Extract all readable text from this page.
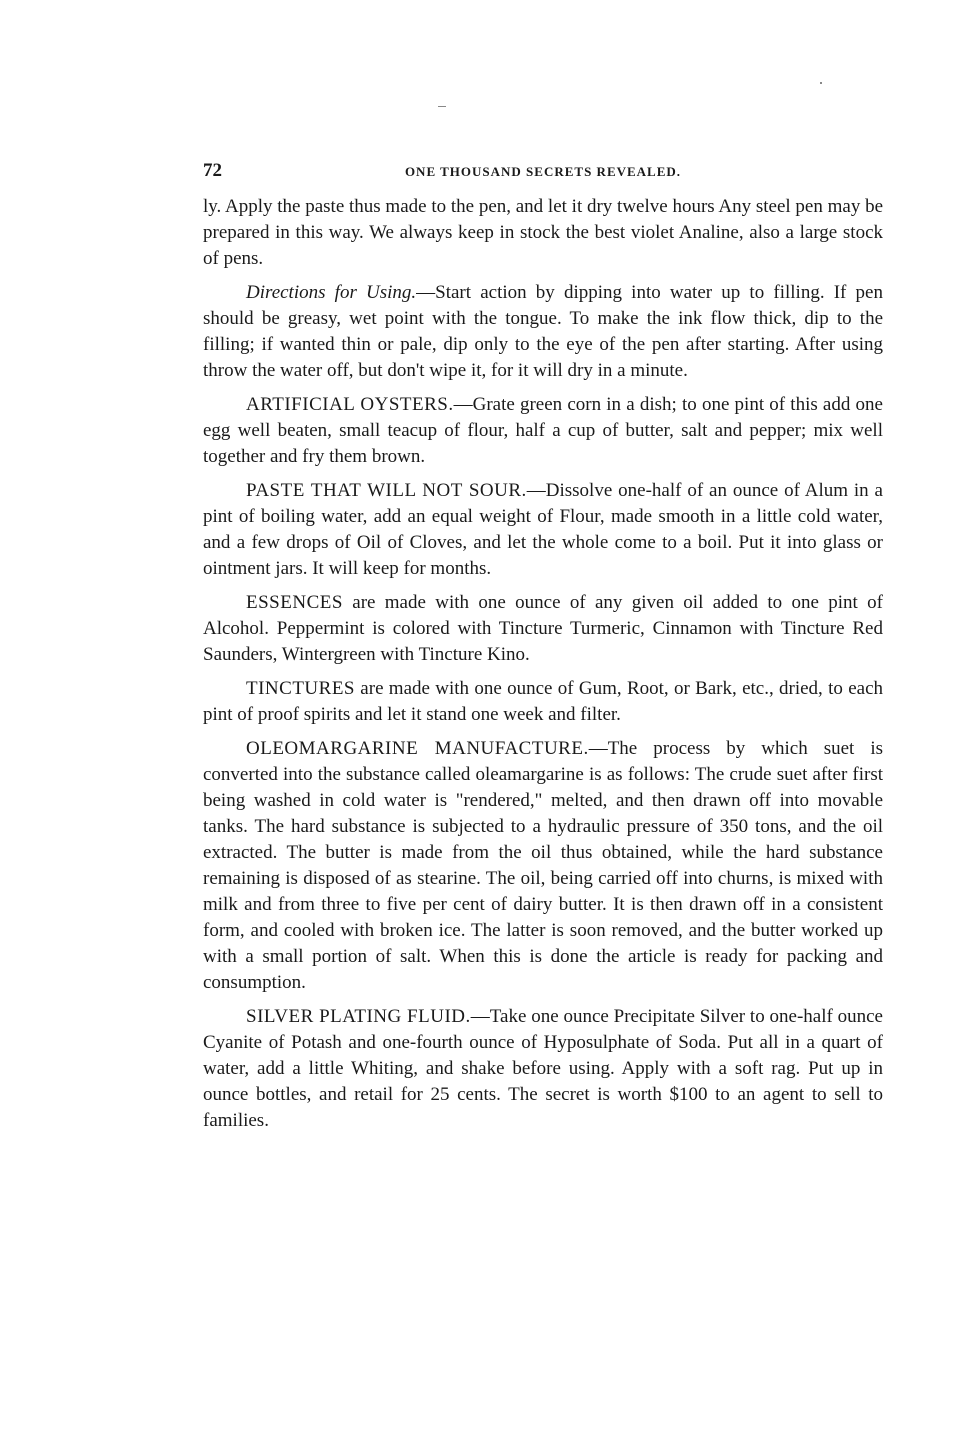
72	ONE THOUSAND SECRETS REVEALED.

ly. Apply the paste thus made to the pen, and let it dry twelve hours Any steel pen may be prepared in this way. We always keep in stock the best violet Analine, also a large stock of pens.

Directions for Using.—Start action by dipping into water up to filling. If pen should be greasy, wet point with the tongue. To make the ink flow thick, dip to the filling; if wanted thin or pale, dip only to the eye of the pen after starting. After using throw the water off, but don't wipe it, for it will dry in a minute.

ARTIFICIAL OYSTERS.—Grate green corn in a dish; to one pint of this add one egg well beaten, small teacup of flour, half a cup of butter, salt and pepper; mix well together and fry them brown.

PASTE THAT WILL NOT SOUR.—Dissolve one-half of an ounce of Alum in a pint of boiling water, add an equal weight of Flour, made smooth in a little cold water, and a few drops of Oil of Cloves, and let the whole come to a boil. Put it into glass or ointment jars. It will keep for months.

ESSENCES are made with one ounce of any given oil added to one pint of Alcohol. Peppermint is colored with Tincture Turmeric, Cinnamon with Tincture Red Saunders, Wintergreen with Tincture Kino.

TINCTURES are made with one ounce of Gum, Root, or Bark, etc., dried, to each pint of proof spirits and let it stand one week and filter.

OLEOMARGARINE MANUFACTURE.—The process by which suet is converted into the substance called oleamargarine is as follows: The crude suet after first being washed in cold water is "rendered," melted, and then drawn off into movable tanks. The hard substance is subjected to a hydraulic pressure of 350 tons, and the oil extracted. The butter is made from the oil thus obtained, while the hard substance remaining is disposed of as stearine. The oil, being carried off into churns, is mixed with milk and from three to five per cent of dairy butter. It is then drawn off in a consistent form, and cooled with broken ice. The latter is soon removed, and the butter worked up with a small portion of salt. When this is done the article is ready for packing and consumption.

SILVER PLATING FLUID.—Take one ounce Precipitate Silver to one-half ounce Cyanite of Potash and one-fourth ounce of Hyposulphate of Soda. Put all in a quart of water, add a little Whiting, and shake before using. Apply with a soft rag. Put up in ounce bottles, and retail for 25 cents. The secret is worth $100 to an agent to sell to families.
